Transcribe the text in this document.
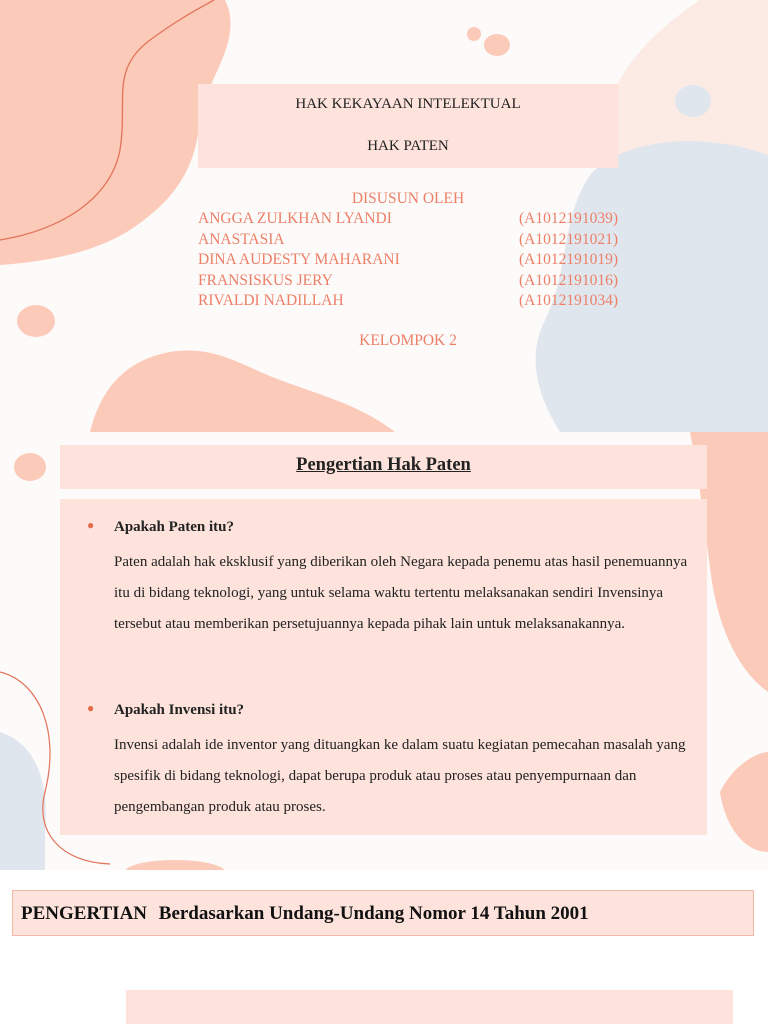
HAK KEKAYAAN INTELEKTUAL
HAK PATEN
DISUSUN OLEH
ANGGA ZULKHAN LYANDI	(A1012191039)
ANASTASIA	(A1012191021)
DINA AUDESTY MAHARANI	(A1012191019)
FRANSISKUS JERY	(A1012191016)
RIVALDI NADILLAH	(A1012191034)
KELOMPOK 2
Pengertian Hak Paten
● Apakah Paten itu?
Paten adalah hak eksklusif yang diberikan oleh Negara kepada penemu atas hasil penemuannya itu di bidang teknologi, yang untuk selama waktu tertentu melaksanakan sendiri Invensinya tersebut atau memberikan persetujuannya kepada pihak lain untuk melaksanakannya.
● Apakah Invensi itu?
Invensi adalah ide inventor yang dituangkan ke dalam suatu kegiatan pemecahan masalah yang spesifik di bidang teknologi, dapat berupa produk atau proses atau penyempurnaan dan pengembangan produk atau proses.
PENGERTIAN Berdasarkan Undang-Undang Nomor 14 Tahun 2001
